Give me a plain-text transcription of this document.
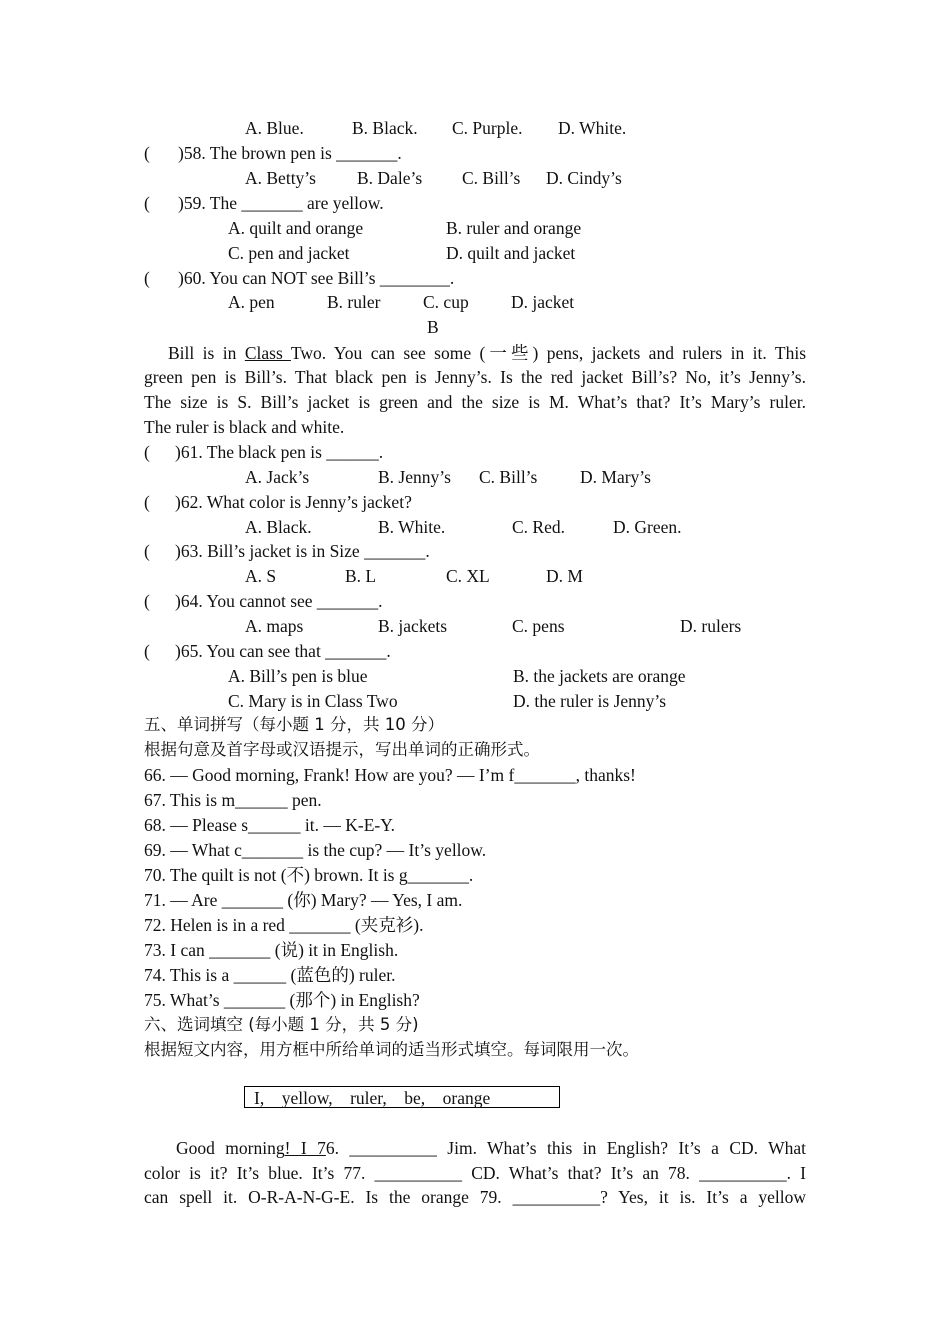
A. Blue.	B. Black. C. Purple. D. White.
( )58. The brown pen is _______.
A. Betty’s B. Dale’s C. Bill’s D. Cindy’s
( )59. The _______ are yellow.
A. quilt and orange	B. ruler and orange
C. pen and jacket	D. quilt and jacket
( )60. You can NOT see Bill’s ________.
A. pen	B. ruler C. cup D. jacket
B
Bill is in Class Two. You can see some (一些) pens, jackets and rulers in it. This
green pen is Bill’s. That black pen is Jenny’s. Is the red jacket Bill’s? No, it’s Jenny’s.
The size is S. Bill’s jacket is green and the size is M. What’s that? It’s Mary’s ruler.
The ruler is black and white.
( )61. The black pen is ______.
A. Jack’s	B. Jenny’s C. Bill’s D. Mary’s
( )62. What color is Jenny’s jacket?
A. Black.	B. White.	C. Red.	D. Green.
( )63. Bill’s jacket is in Size _______.
A. S	B. L	C. XL	D. M
( )64. You cannot see _______.
A. maps	B. jackets	C. pens	D. rulers
( )65. You can see that _______.
A. Bill’s pen is blue	B. the jackets are orange
C. Mary is in Class Two	D. the ruler is Jenny’s
五、单词拼写（每小题 1 分，共 10 分）
根据句意及首字母或汉语提示，写出单词的正确形式。
66. — Good morning, Frank! How are you? — I’m f_______, thanks!
67. This is m______ pen.
68. — Please s______ it. — K-E-Y.
69. — What c_______ is the cup? — It’s yellow.
70. The quilt is not (不) brown. It is g_______.
71. — Are _______ (你) Mary? — Yes, I am.
72. Helen is in a red _______ (夹克衫).
73. I can _______ (说) it in English.
74. This is a ______ (蓝色的) ruler.
75. What’s _______ (那个) in English?
六、选词填空 (每小题 1 分，共 5 分)
根据短文内容，用方框中所给单词的适当形式填空。每词限用一次。
I,    yellow,    ruler,    be,    orange
Good morning! I 76. __________ Jim. What’s this in English? It’s a CD. What
color is it? It’s blue. It’s 77. __________ CD. What’s that? It’s an 78. __________. I
can spell it. O-R-A-N-G-E. Is the orange 79. __________? Yes, it is. It’s a yellow
